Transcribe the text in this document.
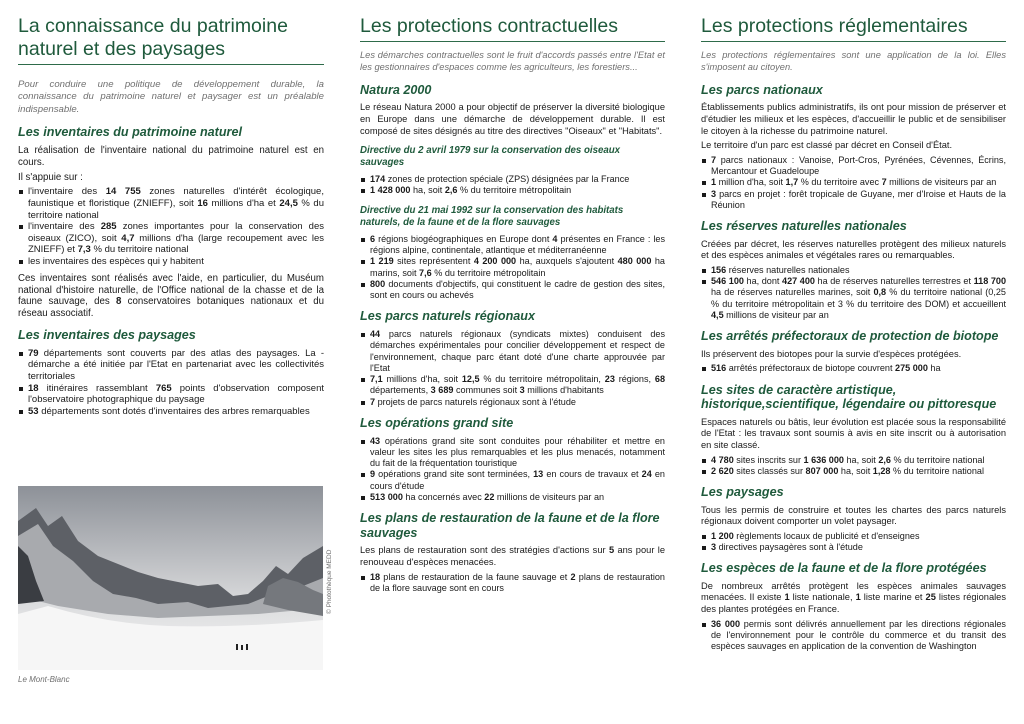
La connaissance du patrimoine naturel et des paysages
Pour conduire une politique de développement durable, la connaissance du patrimoine naturel et paysager est un préalable indispensable.
Les inventaires du patrimoine naturel

La réalisation de l'inventaire national du patrimoine naturel est en cours.

Il s'appuie sur :

l'inventaire des 14 755 zones naturelles d'intérêt écologique, faunistique et floristique (ZNIEFF), soit 16 millions d'ha et 24,5 % du territoire national
l'inventaire des 285 zones importantes pour la conservation des oiseaux (ZICO), soit 4,7 millions d'ha (large recoupement avec les ZNIEFF) et 7,3 % du territoire national
les inventaires des espèces qui y habitent

Ces inventaires sont réalisés avec l'aide, en particulier, du Muséum national d'histoire naturelle, de l'Office national de la chasse et de la faune sauvage, des 8 conservatoires botaniques nationaux et du réseau associatif.

Les inventaires des paysages
79 départements sont couverts par des atlas des paysages. La -démarche a été initiée par l'Etat en partenariat avec les collectivités territoriales
18 itinéraires rassemblant 765 points d'observation composent l'observatoire photographique du paysage
53 départements sont dotés d'inventaires des arbres remarquables
© Photothèque MEDD
Le Mont-Blanc
Les protections contractuelles
Les démarches contractuelles sont le fruit d'accords passés entre l'Etat et les gestionnaires d'espaces comme les agriculteurs, les forestiers...
Natura 2000

Le réseau Natura 2000 a pour objectif de préserver la diversité biologique en Europe dans une démarche de développement durable. Il est composé de sites désignés au titre des directives "Oiseaux" et "Habitats".

Directive du 2 avril 1979 sur la conservation des oiseaux sauvages
174 zones de protection spéciale (ZPS) désignées par la France
1 428 000 ha, soit 2,6 % du territoire métropolitain
Directive du 21 mai 1992 sur la conservation des habitats naturels, de la faune et de la flore sauvages
6 régions biogéographiques en Europe dont 4 présentes en France : les régions alpine, continentale, atlantique et méditerranéenne
1 219 sites représentent 4 200 000 ha, auxquels s'ajoutent 480 000 ha marins, soit 7,6 % du territoire métropolitain
800 documents d'objectifs, qui constituent le cadre de gestion des sites, sont en cours ou achevés
Les parcs naturels régionaux
44 parcs naturels régionaux (syndicats mixtes) conduisent des démarches expérimentales pour concilier développement et respect de l'environnement, chaque parc étant doté d'une charte approuvée par l'Etat
7,1 millions d'ha, soit 12,5 % du territoire métropolitain, 23 régions, 68 départements, 3 689 communes soit 3 millions d'habitants
7 projets de parcs naturels régionaux sont à l'étude
Les opérations grand site
43 opérations grand site sont conduites pour réhabiliter et mettre en valeur les sites les plus remarquables et les plus menacés, notamment du fait de la fréquentation touristique
9 opérations grand site sont terminées, 13 en cours de travaux et 24 en cours d'étude
513 000 ha concernés avec 22 millions de visiteurs par an
Les plans de restauration de la faune et de la flore sauvages

Les plans de restauration sont des stratégies d'actions sur 5 ans pour le renouveau d'espèces menacées.

18 plans de restauration de la faune sauvage et 2 plans de restauration de la flore sauvage sont en cours
Les protections réglementaires
Les protections réglementaires sont une application de la loi. Elles s'imposent au citoyen.
Les parcs nationaux

Établissements publics administratifs, ils ont pour mission de préserver et d'étudier les milieux et les espèces, d'accueillir le public et de sensibiliser le citoyen à la richesse du patrimoine naturel.

Le territoire d'un parc est classé par décret en Conseil d'État.

7 parcs nationaux : Vanoise, Port-Cros, Pyrénées, Cévennes, Écrins, Mercantour et Guadeloupe
1 million d'ha, soit 1,7 % du territoire avec 7 millions de visiteurs par an
3 parcs en projet : forêt tropicale de Guyane, mer d'Iroise et Hauts de la Réunion
Les réserves naturelles nationales

Créées par décret, les réserves naturelles protègent des milieux naturels et des espèces animales et végétales rares ou remarquables.

156 réserves naturelles nationales
546 100 ha, dont 427 400 ha de réserves naturelles terrestres et 118 700 ha de réserves naturelles marines, soit 0,8 % du territoire national (0,25 % du territoire métropolitain et 3 % du territoire des DOM) et accueillent 4,5 millions de visiteur par an
Les arrêtés préfectoraux de protection de biotope

Ils préservent des biotopes pour la survie d'espèces protégées.

516 arrêtés préfectoraux de biotope couvrent 275 000 ha
Les sites de caractère artistique, historique,scientifique, légendaire ou pittoresque

Espaces naturels ou bâtis, leur évolution est placée sous la responsabilité de l'Etat : les travaux sont soumis à avis en site inscrit ou à autorisation en site classé.

4 780 sites inscrits sur 1 636 000 ha, soit 2,6 % du territoire national
2 620 sites classés sur 807 000 ha, soit 1,28 % du territoire national
Les paysages

Tous les permis de construire et toutes les chartes des parcs naturels régionaux doivent comporter un volet paysager.

1 200 règlements locaux de publicité et d'enseignes
3 directives paysagères sont à l'étude
Les espèces de la faune et de la flore protégées

De nombreux arrêtés protègent les espèces animales sauvages menacées. Il existe 1 liste nationale, 1 liste marine et 25 listes régionales des plantes protégées en France.

36 000 permis sont délivrés annuellement par les directions régionales de l'environnement pour le contrôle du commerce et du transit des espèces sauvages en application de la convention de Washington
